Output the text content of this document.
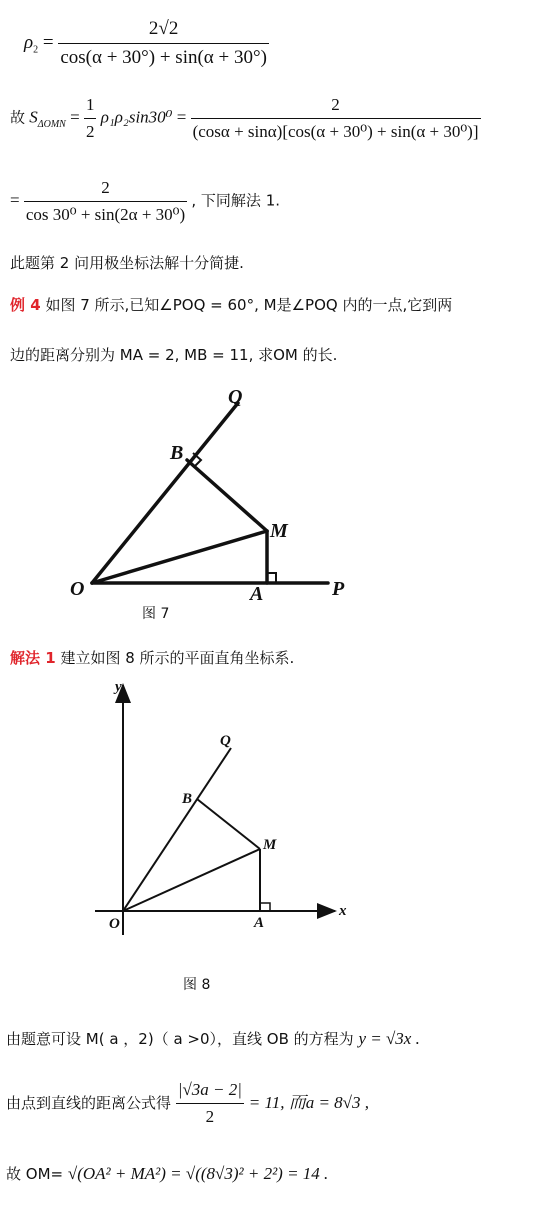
$\rho_2 = \frac{2√2}{\cos(\alpha + 30^\circ) + \sin(\alpha + 30^\circ)}$
故 $S_{\Delta OMN} = \frac{1}{2} \rho_1\rho_2\sin 30^0 = \frac{2}{\text{(cosα + sinα)[cos(α + 30⁰) + sin(α + 30⁰)]}}$
= $\frac{2}{\text{cos 30⁰ + sin(2α + 30⁰)}}$ , 下同解法 1.
此题第 2 问用极坐标法解十分简捷.
例 4 如图 7 所示,已知∠POQ = 60°, M是∠POQ 内的一点,它到两
边的距离分别为 MA = 2, MB = 11, 求OM 的长.
O	P
Q
A
B
M
图 7
解法 1 建立如图 8 所示的平面直角坐标系.
y
x
O
Q
B
M
A
图 8
由题意可设 M( a ，2)（ a >0），直线 OB 的方程为 y = √3x .
由点到直线的距离公式得 $\frac{|√3a - 2|}{2} = 11$, 而a = 8√3 ,
故 OM= √(OA² + MA²) = √((8√3)² + 2²) = 14 .
